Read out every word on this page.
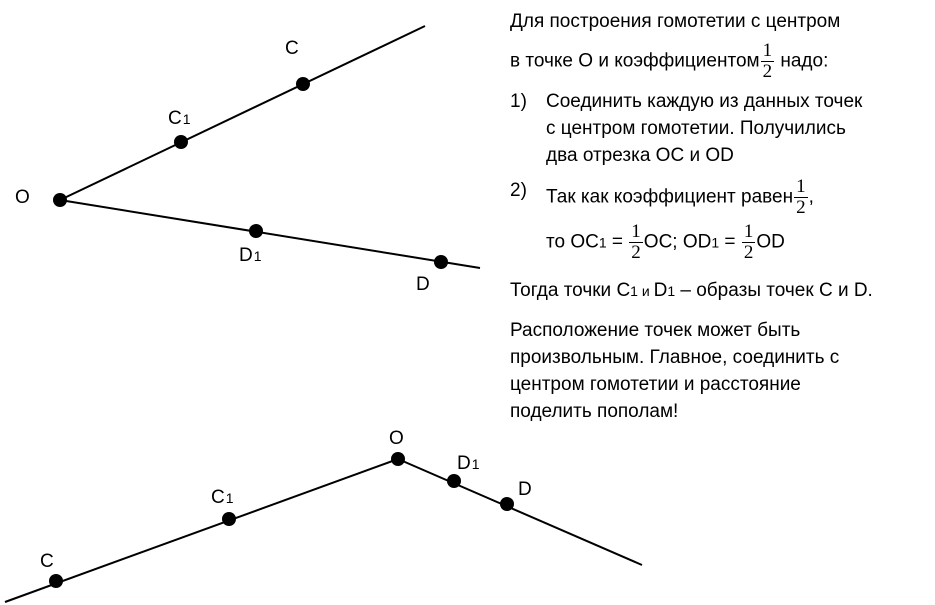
O
C
C1
D1
D
O
C1
C
D1
D

Для построения гомотетии с центром

в точке О и коэффициентом $\frac{1}{2}$ надо:

1)	Соединить каждую из данных точек

с центром гомотетии. Получились

два отрезка ОС и OD

2)	Так как коэффициент равен $\frac{1}{2}$ ,

то $ОС1 = \frac{1}{2}$ ОС; $OD1 = \frac{1}{2}$ OD

Тогда точки С1 и D1 – образы точек С и D.

Расположение точек может быть

произвольным. Главное, соединить с

центром гомотетии и расстояние

поделить пополам!
